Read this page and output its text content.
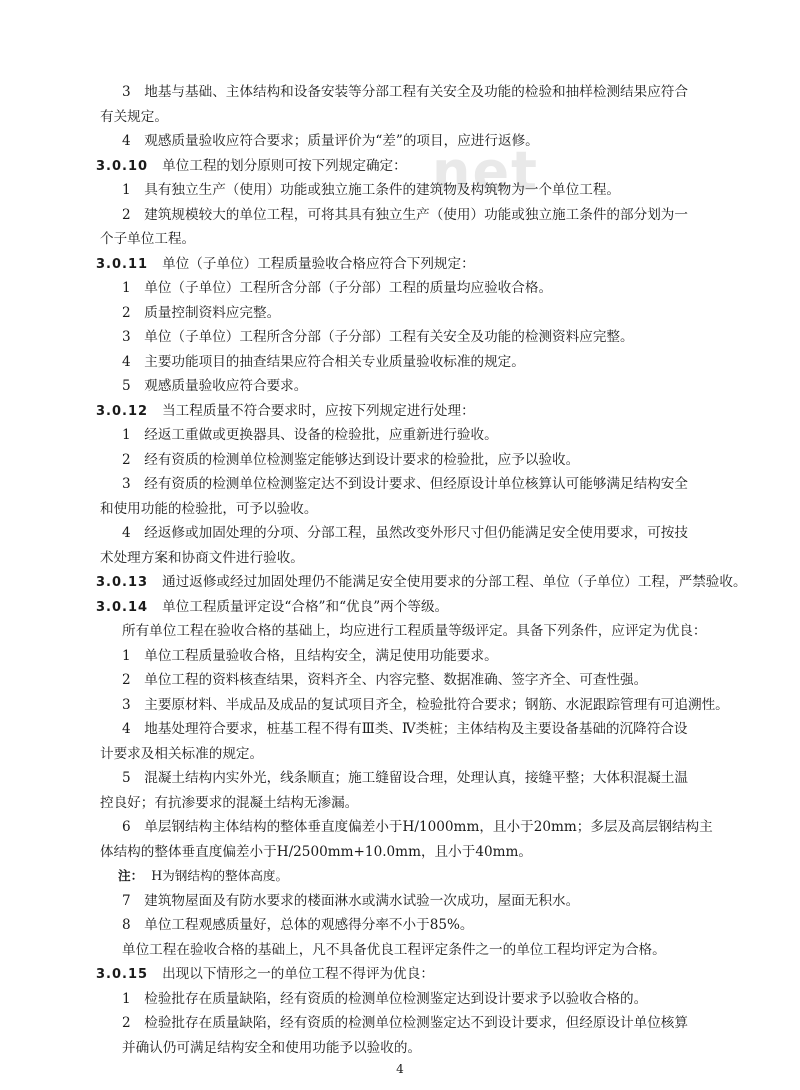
net
3　地基与基础、主体结构和设备安装等分部工程有关安全及功能的检验和抽样检测结果应符合
有关规定。
4　观感质量验收应符合要求；质量评价为“差”的项目，应进行返修。
3.0.10 单位工程的划分原则可按下列规定确定：
1　具有独立生产（使用）功能或独立施工条件的建筑物及构筑物为一个单位工程。
2　建筑规模较大的单位工程，可将其具有独立生产（使用）功能或独立施工条件的部分划为一
个子单位工程。
3.0.11 单位（子单位）工程质量验收合格应符合下列规定：
1　单位（子单位）工程所含分部（子分部）工程的质量均应验收合格。
2　质量控制资料应完整。
3　单位（子单位）工程所含分部（子分部）工程有关安全及功能的检测资料应完整。
4　主要功能项目的抽查结果应符合相关专业质量验收标准的规定。
5　观感质量验收应符合要求。
3.0.12 当工程质量不符合要求时，应按下列规定进行处理：
1　经返工重做或更换器具、设备的检验批，应重新进行验收。
2　经有资质的检测单位检测鉴定能够达到设计要求的检验批，应予以验收。
3　经有资质的检测单位检测鉴定达不到设计要求、但经原设计单位核算认可能够满足结构安全
和使用功能的检验批，可予以验收。
4　经返修或加固处理的分项、分部工程，虽然改变外形尺寸但仍能满足安全使用要求，可按技
术处理方案和协商文件进行验收。
3.0.13 通过返修或经过加固处理仍不能满足安全使用要求的分部工程、单位（子单位）工程，严禁验收。
3.0.14 单位工程质量评定设“合格”和“优良”两个等级。
所有单位工程在验收合格的基础上，均应进行工程质量等级评定。具备下列条件，应评定为优良：
1　单位工程质量验收合格，且结构安全，满足使用功能要求。
2　单位工程的资料核查结果，资料齐全、内容完整、数据准确、签字齐全、可查性强。
3　主要原材料、半成品及成品的复试项目齐全，检验批符合要求；钢筋、水泥跟踪管理有可追溯性。
4　地基处理符合要求，桩基工程不得有Ⅲ类、Ⅳ类桩；主体结构及主要设备基础的沉降符合设
计要求及相关标准的规定。
5　混凝土结构内实外光，线条顺直；施工缝留设合理，处理认真，接缝平整；大体积混凝土温
控良好；有抗渗要求的混凝土结构无渗漏。
6　单层钢结构主体结构的整体垂直度偏差小于H/1000mm，且小于20mm；多层及高层钢结构主
体结构的整体垂直度偏差小于H/2500mm+10.0mm，且小于40mm。
注： H为钢结构的整体高度。
7　建筑物屋面及有防水要求的楼面淋水或满水试验一次成功，屋面无积水。
8　单位工程观感质量好，总体的观感得分率不小于85%。
单位工程在验收合格的基础上，凡不具备优良工程评定条件之一的单位工程均评定为合格。
3.0.15 出现以下情形之一的单位工程不得评为优良：
1　检验批存在质量缺陷，经有资质的检测单位检测鉴定达到设计要求予以验收合格的。
2　检验批存在质量缺陷，经有资质的检测单位检测鉴定达不到设计要求，但经原设计单位核算
并确认仍可满足结构安全和使用功能予以验收的。
4
